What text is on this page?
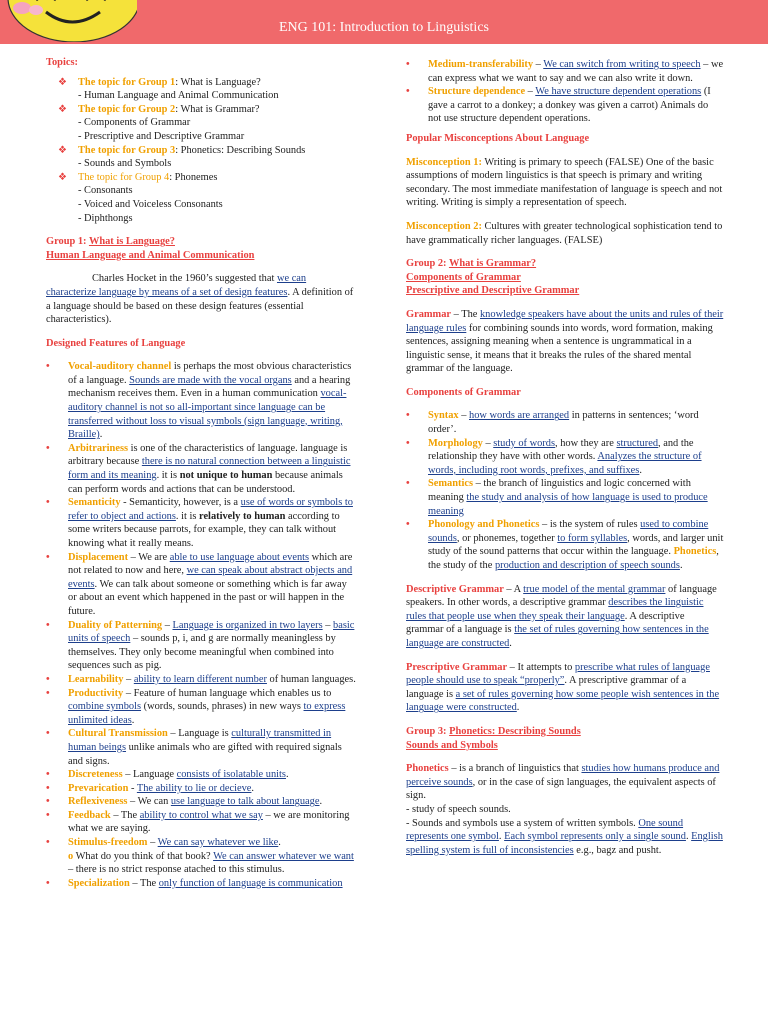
ENG 101: Introduction to Linguistics

Topics:

❖ The topic for Group 1: What is Language?
- Human Language and Animal Communication
❖ The topic for Group 2: What is Grammar?
- Components of Grammar
- Prescriptive and Descriptive Grammar
❖ The topic for Group 3: Phonetics: Describing Sounds
- Sounds and Symbols
❖ The topic for Group 4: Phonemes
- Consonants
- Voiced and Voiceless Consonants
- Diphthongs

Group 1: What is Language?

Human Language and Animal Communication

Charles Hocket in the 1960’s suggested that we can characterize language by means of a set of design features. A definition of a language should be based on these design features (essential characteristics).

Designed Features of Language

• Vocal-auditory channel is perhaps the most obvious characteristics of a language. Sounds are made with the vocal organs and a hearing mechanism receives them. Even in a human communication vocal-auditory channel is not so all-important since language can be transferred without loss to visual symbols (sign language, writing, Braille).
• Arbitrariness is one of the characteristics of language. language is arbitrary because there is no natural connection between a linguistic form and its meaning. it is not unique to human because animals can perform words and actions that can be understood.
• Semanticity - Semanticity, however, is a use of words or symbols to refer to object and actions. it is relatively to human according to some writers because parrots, for example, they can talk without knowing what it really means.
• Displacement – We are able to use language about events which are not related to now and here, we can speak about abstract objects and events. We can talk about someone or something which is far away or about an event which happened in the past or will happen in the future.
• Duality of Patterning – Language is organized in two layers – basic units of speech – sounds p, i, and g are normally meaningless by themselves. They only become meaningful when combined into sequences such as pig.
• Learnability – ability to learn different number of human languages.
• Productivity – Feature of human language which enables us to combine symbols (words, sounds, phrases) in new ways to express unlimited ideas.
• Cultural Transmission – Language is culturally transmitted in human beings unlike animals who are gifted with required signals and signs.
• Discreteness – Language consists of isolatable units.
• Prevarication - The ability to lie or decieve.
• Reflexiveness – We can use language to talk about language.
• Feedback – The ability to control what we say – we are monitoring what we are saying.
• Stimulus-freedom – We can say whatever we like.
o What do you think of that book? We can answer whatever we want – there is no strict response atached to this stimulus.
• Specialization – The only function of language is communication
• Medium-transferability – We can switch from writing to speech – we can express what we want to say and we can also write it down.
• Structure dependence – We have structure dependent operations (I gave a carrot to a donkey; a donkey was given a carrot) Animals do not use structure dependent operations.

Popular Misconceptions About Language

Misconception 1: Writing is primary to speech (FALSE) One of the basic assumptions of modern linguistics is that speech is primary and writing secondary. The most immediate manifestation of language is speech and not writing. Writing is simply a representation of speech.

Misconception 2: Cultures with greater technological sophistication tend to have grammatically richer languages. (FALSE)

Group 2: What is Grammar?

Components of Grammar

Prescriptive and Descriptive Grammar

Grammar – The knowledge speakers have about the units and rules of their language rules for combining sounds into words, word formation, making sentences, assigning meaning when a sentence is ungrammatical in a linguistic sense, it means that it breaks the rules of the shared mental grammar of the language.

Components of Grammar

• Syntax – how words are arranged in patterns in sentences; ‘word order’.
• Morphology – study of words, how they are structured, and the relationship they have with other words. Analyzes the structure of words, including root words, prefixes, and suffixes.
• Semantics – the branch of linguistics and logic concerned with meaning the study and analysis of how language is used to produce meaning
• Phonology and Phonetics – is the system of rules used to combine sounds, or phonemes, together to form syllables, words, and larger unit study of the sound patterns that occur within the language. Phonetics, the study of the production and description of speech sounds.

Descriptive Grammar – A true model of the mental grammar of language speakers. In other words, a descriptive grammar describes the linguistic rules that people use when they speak their language. A descriptive grammar of a language is the set of rules governing how sentences in the language are constructed.

Prescriptive Grammar – It attempts to prescribe what rules of language people should use to speak “properly”. A prescriptive grammar of a language is a set of rules governing how some people wish sentences in the language were constructed.

Group 3: Phonetics: Describing Sounds

Sounds and Symbols

Phonetics – is a branch of linguistics that studies how humans produce and perceive sounds, or in the case of sign languages, the equivalent aspects of sign.

- study of speech sounds.

- Sounds and symbols use a system of written symbols. One sound represents one symbol. Each symbol represents only a single sound. English spelling system is full of inconsistencies e.g., bagz and pusht.
